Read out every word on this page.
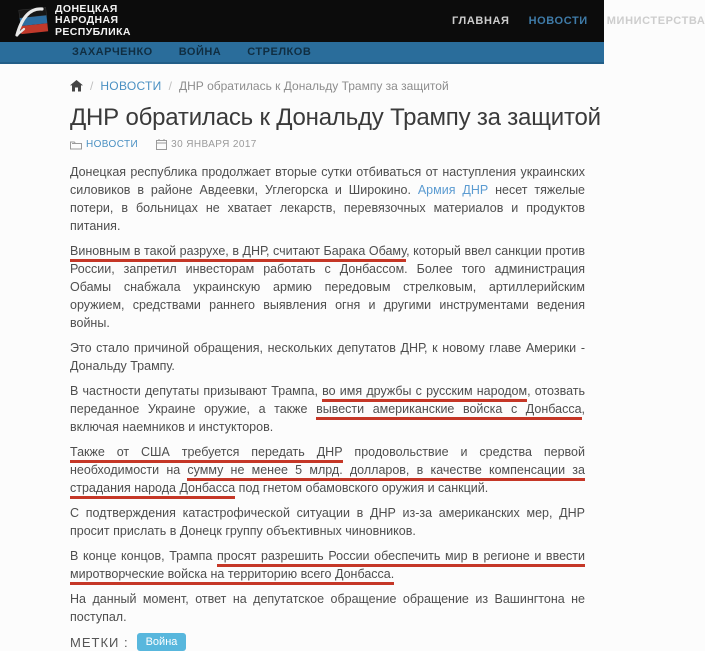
ДОНЕЦКАЯ
НАРОДНАЯ
РЕСПУБЛИКА
ГЛАВНАЯ НОВОСТИ МИНИСТЕРСТВА
ЗАХАРЧЕНКО ВОЙНА СТРЕЛКОВ
/ НОВОСТИ / ДНР обратилась к Дональду Трампу за защитой
ДНР обратилась к Дональду Трампу за защитой
НОВОСТИ	30 ЯНВАРЯ 2017

Донецкая республика продолжает вторые сутки отбиваться от наступления украинских силовиков в районе Авдеевки, Углегорска и Широкино. Армия ДНР несет тяжелые потери, в больницах не хватает лекарств, перевязочных материалов и продуктов питания.

Виновным в такой разрухе, в ДНР, считают Барака Обаму, который ввел санкции против России, запретил инвесторам работать с Донбассом. Более того администрация Обамы снабжала украинскую армию передовым стрелковым, артиллерийским оружием, средствами раннего выявления огня и другими инструментами ведения войны.

Это стало причиной обращения, нескольких депутатов ДНР, к новому главе Америки - Дональду Трампу.

В частности депутаты призывают Трампа, во имя дружбы с русским народом, отозвать переданное Украине оружие, а также вывести американские войска с Донбасса, включая наемников и инстукторов.

Также от США требуется передать ДНР продовольствие и средства первой необходимости на сумму не менее 5 млрд. долларов, в качестве компенсации за страдания народа Донбасса под гнетом обамовского оружия и санкций.

С подтверждения катастрофической ситуации в ДНР из-за американских мер, ДНР просит прислать в Донецк группу объективных чиновников.

В конце концов, Трампа просят разрешить России обеспечить мир в регионе и ввести миротворческие войска на территорию всего Донбасса.

На данный момент, ответ на депутатское обращение обращение из Вашингтона не поступал.

МЕТКИ :	Война
